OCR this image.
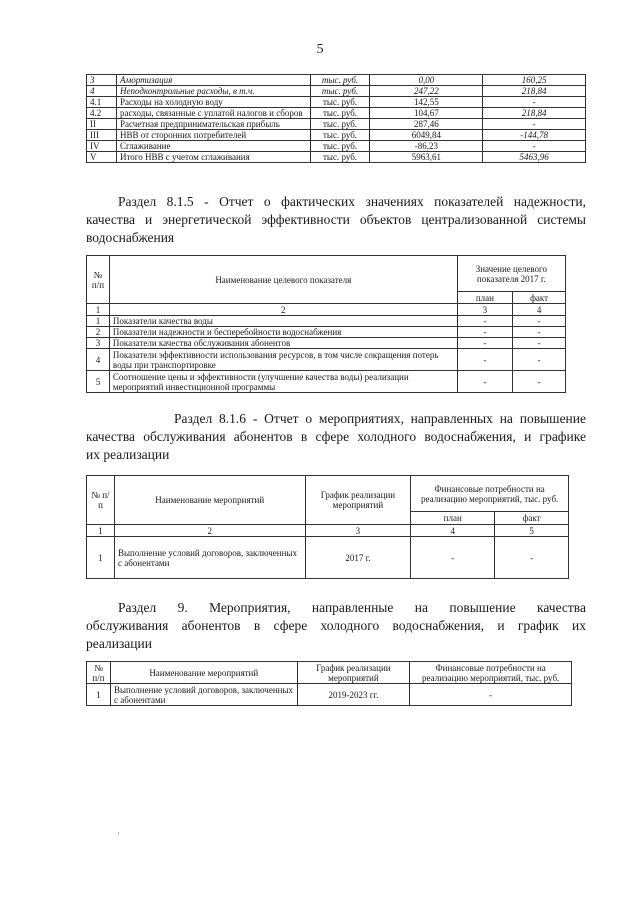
5
3	Амортизация	тыс. руб.	0,00	160,25
4	Неподконтрольные расходы, в т.ч.	тыс. руб.	247,22	218,84
4.1	Расходы на холодную воду	тыс. руб.	142,55	-
4.2	расходы, связанные с уплатой налогов и сборов	тыс. руб.	104,67	218,84
II	Расчетная предпринимательская прибыль	тыс. руб.	287,46	-
III	НВВ от сторонних потребителей	тыс. руб.	6049,84	-144,78
IV	Сглаживание	тыс. руб.	-86,23	-
V	Итого НВВ с учетом сглаживания	тыс. руб.	5963,61	5463,96
Раздел 8.1.5 - Отчет о фактических значениях показателей надежности,
качества и энергетической эффективности объектов централизованной системы
водоснабжения
№ п/п	Наименование целевого показателя	Значение целевого показателя 2017 г.	
		план	факт
1	2	3	4
1	Показатели качества воды	-	-
2	Показатели надежности и бесперебойности водоснабжения	-	-
3	Показатели качества обслуживания абонентов	-	-
4	Показатели эффективности использования ресурсов, в том числе сокращения потерь воды при транспортировке	-	-
5	Соотношение цены и эффективности (улучшение качества воды) реализации мероприятий инвестиционной программы	-	-
Раздел 8.1.6 - Отчет о мероприятиях, направленных на повышение
качества обслуживания абонентов в сфере холодного водоснабжения, и графике
их реализации
№ п/п	Наименование мероприятий	График реализации мероприятий	Финансовые потребности на реализацию мероприятий, тыс. руб.	
			план	факт
1	2	3	4	5
1	Выполнение условий договоров, заключенных с абонентами	2017 г.	-	-
Раздел 9. Мероприятия, направленные на повышение качества
обслуживания абонентов в сфере холодного водоснабжения, и график их
реализации
№ п/п	Наименование мероприятий	График реализации мероприятий	Финансовые потребности на реализацию мероприятий, тыс. руб.
1	Выполнение условий договоров, заключенных с абонентами	2019-2023 гг.	-
